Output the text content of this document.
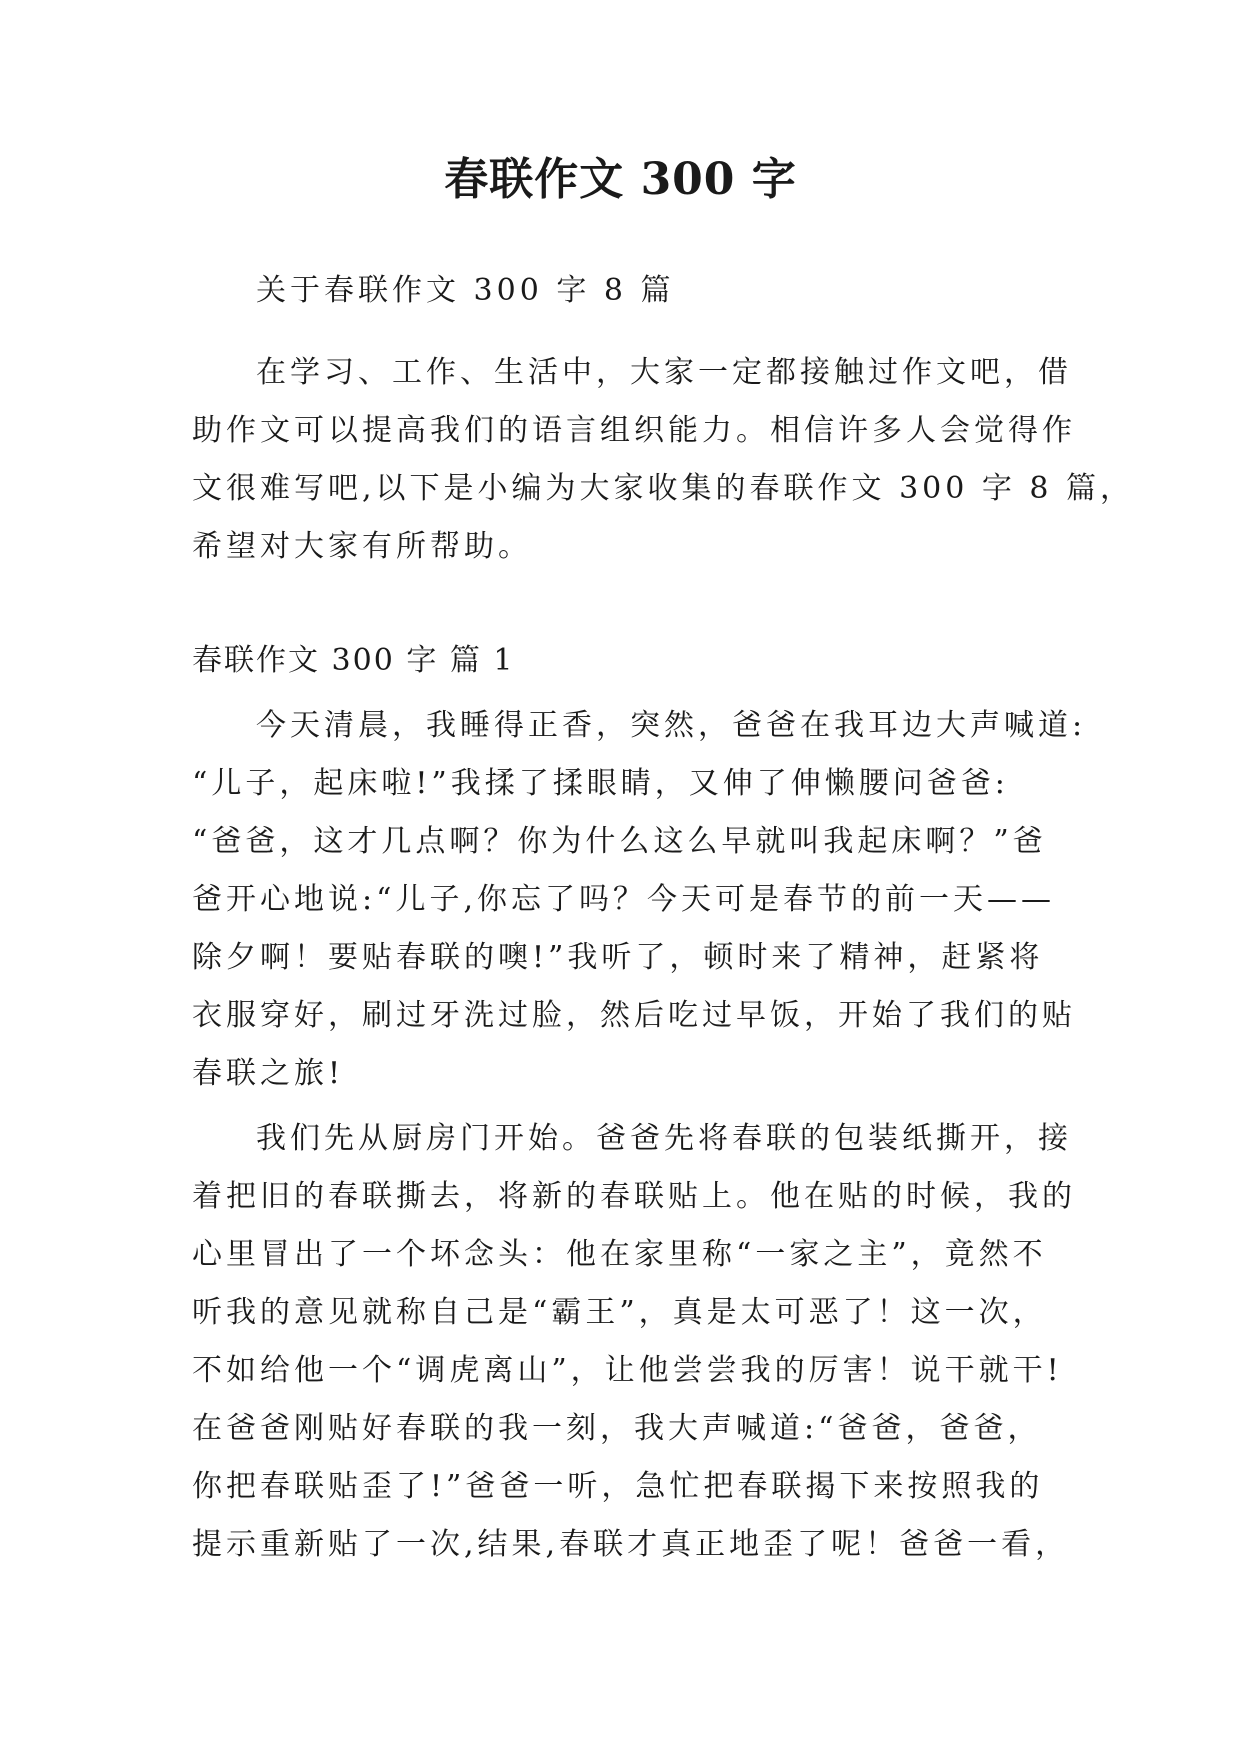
春联作文 300 字
关于春联作文 300 字 8 篇
在学习、工作、生活中，大家一定都接触过作文吧，借
助作文可以提高我们的语言组织能力。相信许多人会觉得作
文很难写吧,以下是小编为大家收集的春联作文 300 字 8 篇，
希望对大家有所帮助。
春联作文 300 字 篇 1
今天清晨，我睡得正香，突然，爸爸在我耳边大声喊道:
“儿子，起床啦!”我揉了揉眼睛，又伸了伸懒腰问爸爸:
“爸爸，这才几点啊？你为什么这么早就叫我起床啊？”爸
爸开心地说:“儿子,你忘了吗？今天可是春节的前一天——
除夕啊！要贴春联的噢!”我听了，顿时来了精神，赶紧将
衣服穿好，刷过牙洗过脸，然后吃过早饭，开始了我们的贴
春联之旅!
我们先从厨房门开始。爸爸先将春联的包装纸撕开，接
着把旧的春联撕去，将新的春联贴上。他在贴的时候，我的
心里冒出了一个坏念头：他在家里称“一家之主”，竟然不
听我的意见就称自己是“霸王”，真是太可恶了！这一次，
不如给他一个“调虎离山”，让他尝尝我的厉害！说干就干!
在爸爸刚贴好春联的我一刻，我大声喊道:“爸爸，爸爸，
你把春联贴歪了!”爸爸一听，急忙把春联揭下来按照我的
提示重新贴了一次,结果,春联才真正地歪了呢！爸爸一看，
